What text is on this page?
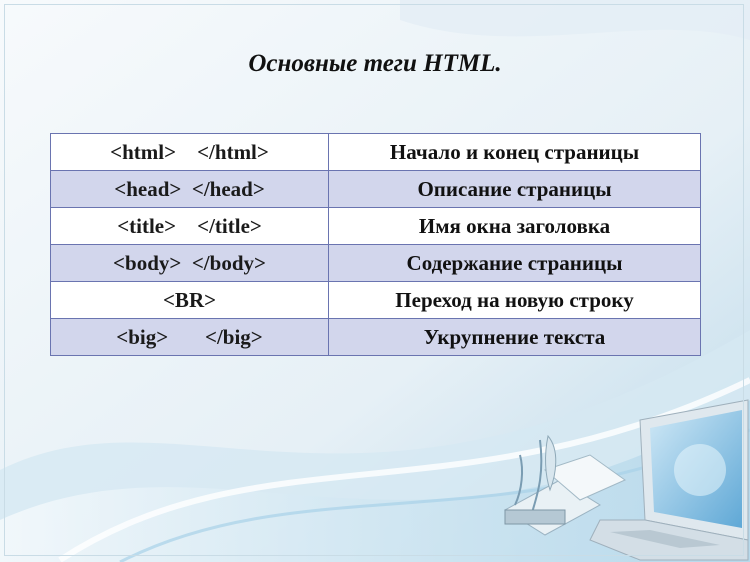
Основные теги HTML.
<html> </html>	Начало и конец страницы
<head> </head>	Описание страницы
<title> </title>	Имя окна заголовка
<body> </body>	Содержание страницы
<BR>	Переход на новую строку
<big> </big>	Укрупнение текста
